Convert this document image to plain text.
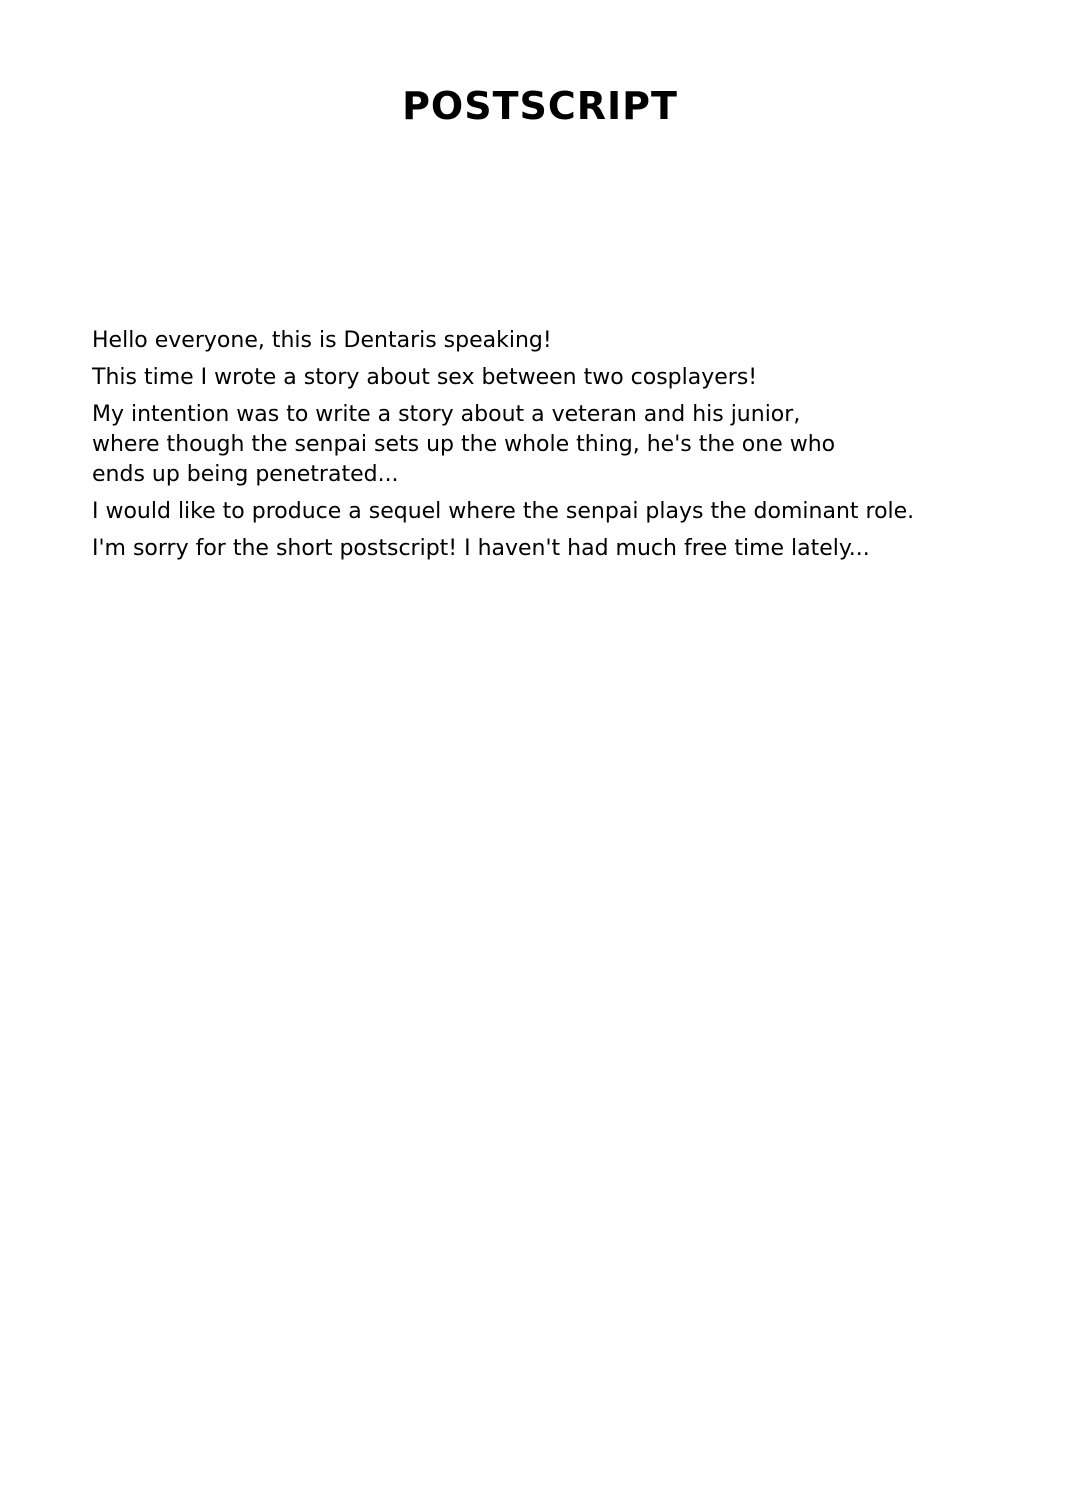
POSTSCRIPT

Hello everyone, this is Dentaris speaking!

This time I wrote a story about sex between two cosplayers!

My intention was to write a story about a veteran and his junior,
where though the senpai sets up the whole thing, he's the one who
ends up being penetrated...

I would like to produce a sequel where the senpai plays the dominant role.

I'm sorry for the short postscript! I haven't had much free time lately...
